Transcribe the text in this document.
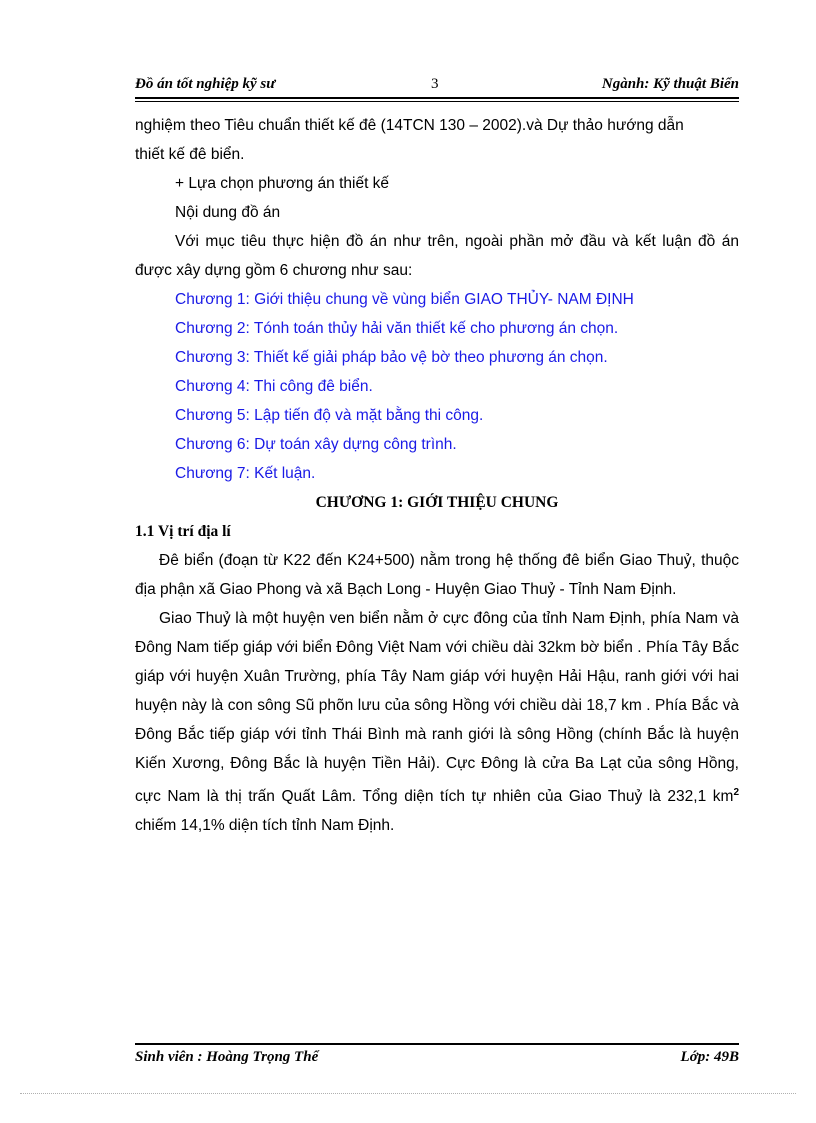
Đồ án tốt nghiệp kỹ sư	3	Ngành: Kỹ thuật Biển

nghiệm theo Tiêu chuẩn thiết kế đê (14TCN 130 – 2002).và Dự thảo hướng dẫn

thiết kế đê biển.

+ Lựa chọn phương án thiết kế

Nội dung đồ án

Với mục tiêu thực hiện đồ án như trên, ngoài phần mở đầu và kết luận đồ án được xây dựng gồm 6 chương như sau:

Chương 1: Giới thiệu chung về vùng biển GIAO THỦY- NAM ĐỊNH

Chương 2: Tónh toán thủy hải văn thiết kế cho phương án chọn.

Chương 3: Thiết kế giải pháp bảo vệ bờ theo phương án chọn.

Chương 4: Thi công đê biển.

Chương 5: Lập tiến độ và mặt bằng thi công.

Chương 6: Dự toán xây dựng công trình.

Chương 7: Kết luận.

CHƯƠNG 1: GIỚI THIỆU CHUNG

1.1 Vị trí địa lí

Đê biển (đoạn từ K22 đến K24+500) nằm trong hệ thống đê biển Giao Thuỷ, thuộc địa phận xã Giao Phong và xã Bạch Long - Huyện Giao Thuỷ - Tỉnh Nam Định.

Giao Thuỷ là một huyện ven biển nằm ở cực đông của tỉnh Nam Định, phía Nam và Đông Nam tiếp giáp với biển Đông Việt Nam với chiều dài 32km bờ biển . Phía Tây Bắc giáp với huyện Xuân Trường, phía Tây Nam giáp với huyện Hải Hậu, ranh giới với hai huyện này là con sông Sũ phõn lưu của sông Hồng với chiều dài 18,7 km . Phía Bắc và Đông Bắc tiếp giáp với tỉnh Thái Bình mà ranh giới là sông Hồng (chính Bắc là huyện Kiến Xương, Đông Bắc là huyện Tiền Hải). Cực Đông là cửa Ba Lạt của sông Hồng, cực Nam là thị trấn Quất Lâm. Tổng diện tích tự nhiên của Giao Thuỷ là 232,1 $km^2$ chiếm 14,1% diện tích tỉnh Nam Định.

Sinh viên : Hoàng Trọng Thể	Lớp: 49B
